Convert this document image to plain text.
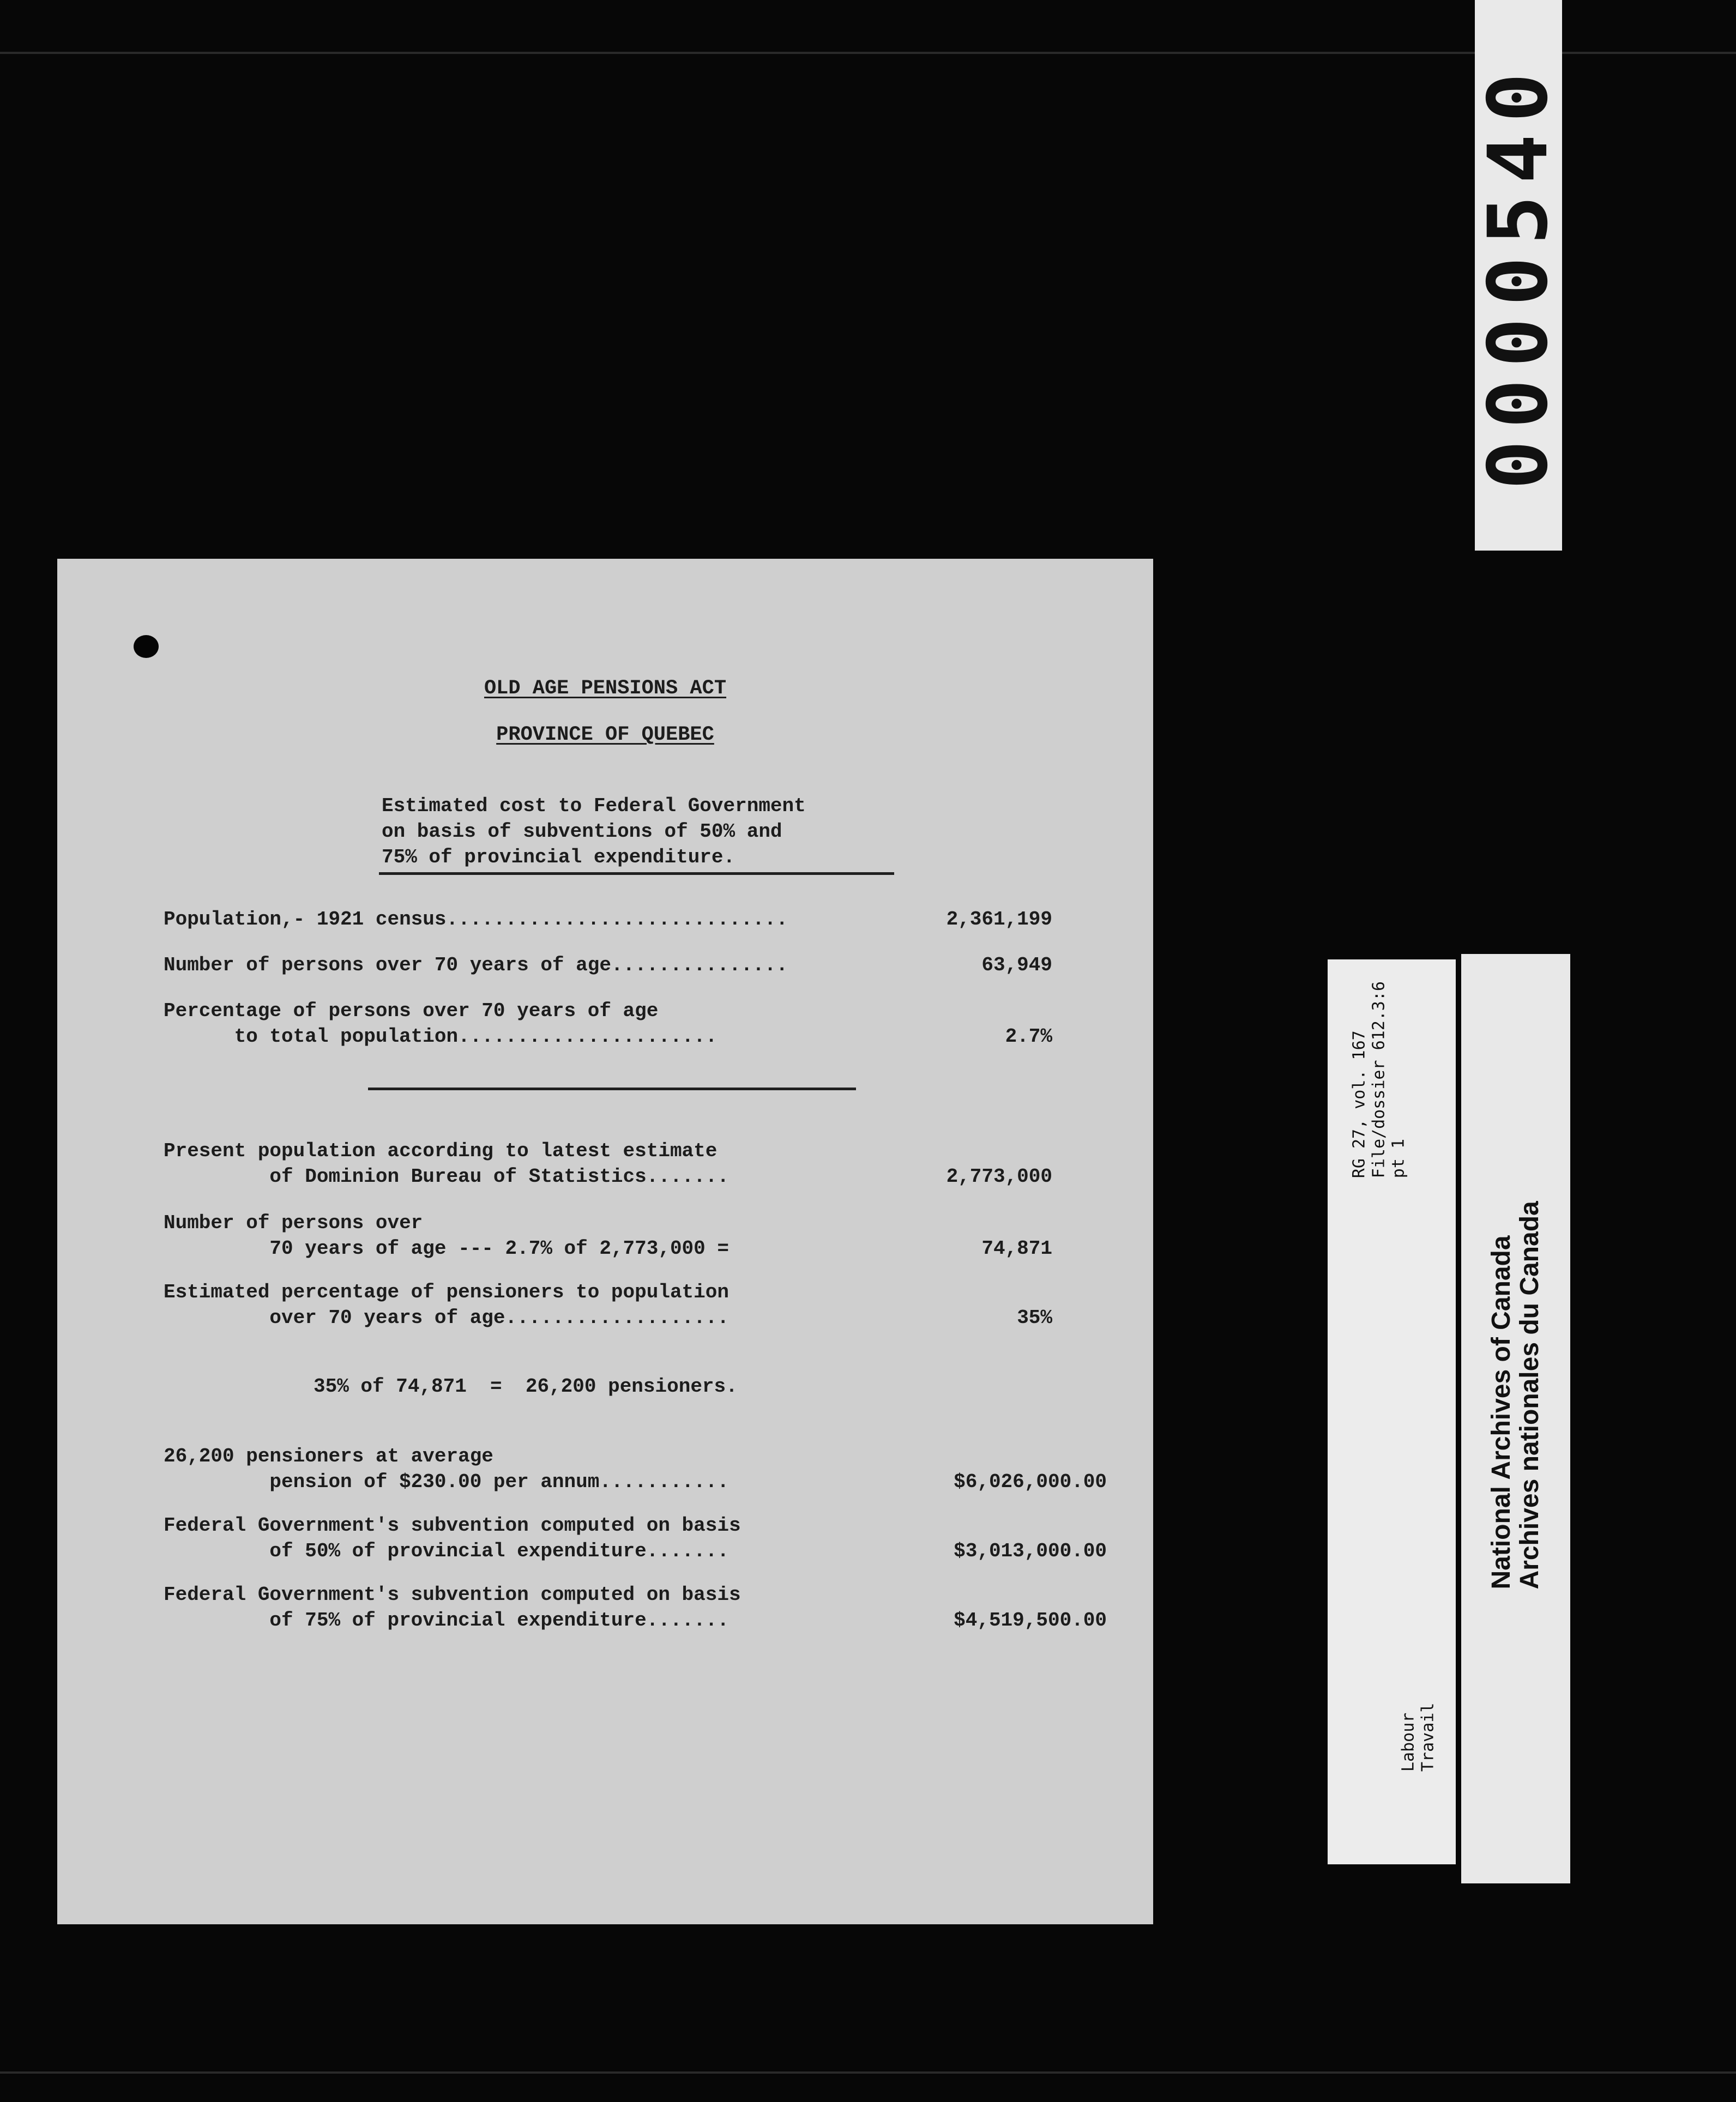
0000540
OLD AGE PENSIONS ACT
PROVINCE OF QUEBEC
Estimated cost to Federal Government
on basis of subventions of 50% and
75% of provincial expenditure.
Population,- 1921 census.............................	2,361,199
Number of persons over 70 years of age...............	63,949
Percentage of persons over 70 years of age
to total population......................	2.7%
Present population according to latest estimate
of Dominion Bureau of Statistics.......	2,773,000
Number of persons over
70 years of age --- 2.7% of 2,773,000 =	74,871
Estimated percentage of pensioners to population
over 70 years of age...................	35%
35% of 74,871  =  26,200 pensioners.
26,200 pensioners at average
pension of $230.00 per annum...........	$6,026,000.00
Federal Government's subvention computed on basis
of 50% of provincial expenditure.......	$3,013,000.00
Federal Government's subvention computed on basis
of 75% of provincial expenditure.......	$4,519,500.00
RG 27, vol. 167 File/dossier 612.3:6 pt 1
Labour Travail
National Archives of Canada Archives nationales du Canada
